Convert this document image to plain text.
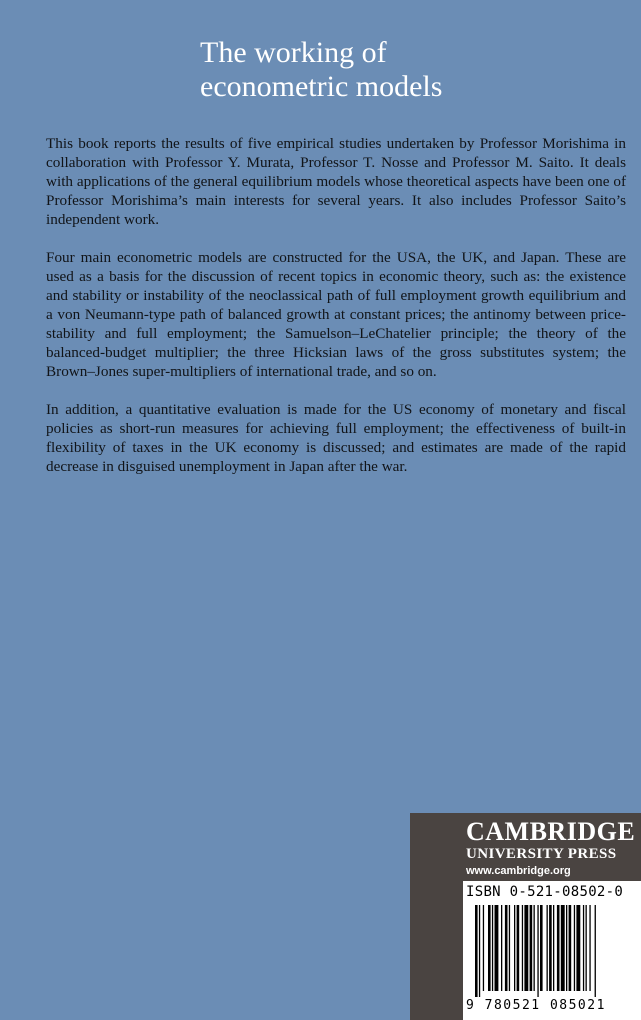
The working of
econometric models

This book reports the results of five empirical studies undertaken by Professor Morishima in collaboration with Professor Y. Murata, Professor T. Nosse and Professor M. Saito. It deals with applications of the general equilibrium models whose theoretical aspects have been one of Professor Morishima’s main interests for several years. It also includes Professor Saito’s independent work.

Four main econometric models are constructed for the USA, the UK, and Japan. These are used as a basis for the discussion of recent topics in economic theory, such as: the existence and stability or instability of the neoclassical path of full employment growth equilibrium and a von Neumann-type path of balanced growth at constant prices; the antinomy between price-stability and full employment; the Samuelson–LeChatelier principle; the theory of the balanced-budget multiplier; the three Hicksian laws of the gross substitutes system; the Brown–Jones super-multipliers of international trade, and so on.

In addition, a quantitative evaluation is made for the US economy of monetary and fiscal policies as short-run measures for achieving full employment; the effectiveness of built-in flexibility of taxes in the UK economy is discussed; and estimates are made of the rapid decrease in disguised unemployment in Japan after the war.

CAMBRIDGE
UNIVERSITY PRESS
www.cambridge.org
ISBN 0-521-08502-0
9 780521 085021
